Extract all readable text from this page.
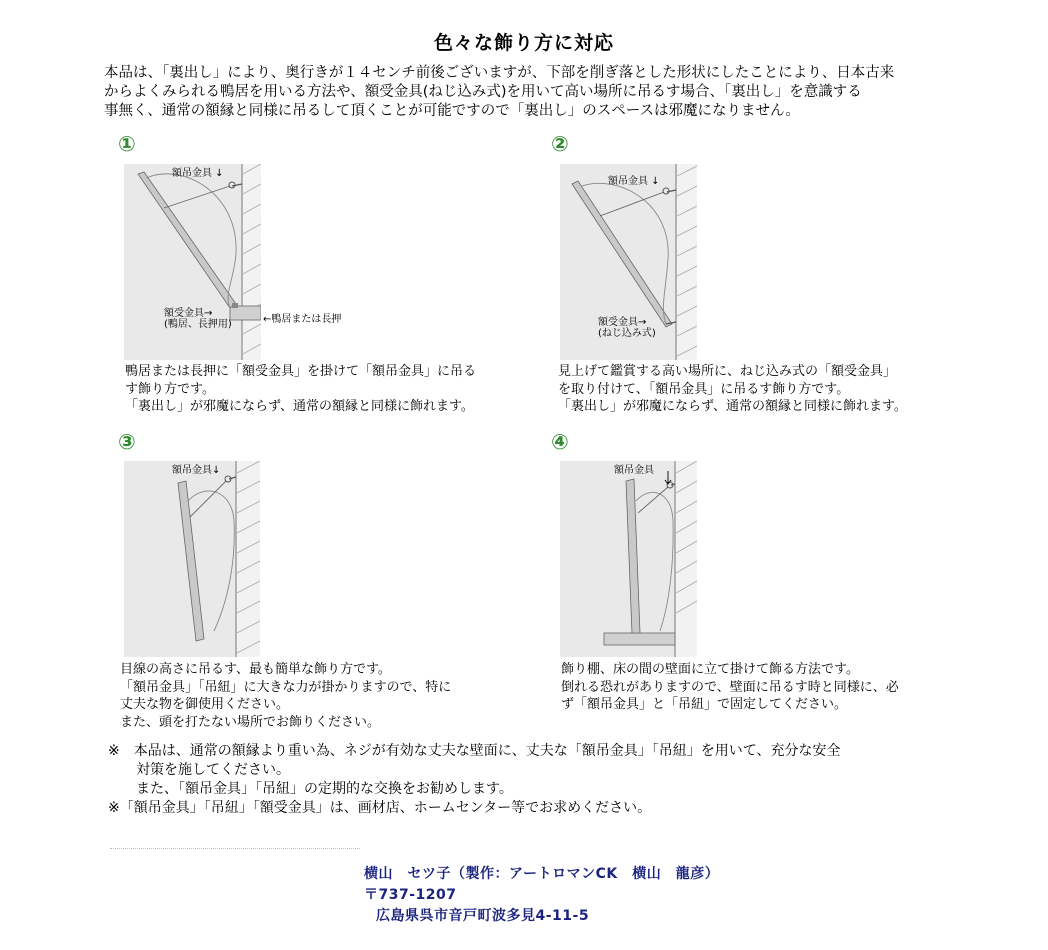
色々な飾り方に対応

本品は、「裏出し」により、奥行きが１４センチ前後ございますが、下部を削ぎ落とした形状にしたことにより、日本古来

からよくみられる鴨居を用いる方法や、額受金具(ねじ込み式)を用いて高い場所に吊るす場合、「裏出し」を意識する

事無く、通常の額縁と同様に吊るして頂くことが可能ですので「裏出し」のスペースは邪魔になりません。

①
額吊金具 ↓
額受金具→
(鴨居、長押用)	←鴨居または長押

鴨居または長押に「額受金具」を掛けて「額吊金具」に吊る

す飾り方です。

「裏出し」が邪魔にならず、通常の額縁と同様に飾れます。

②
額吊金具 ↓
額受金具→
(ねじ込み式)

見上げて鑑賞する高い場所に、ねじ込み式の「額受金具」

を取り付けて、「額吊金具」に吊るす飾り方です。

「裏出し」が邪魔にならず、通常の額縁と同様に飾れます。

③
額吊金具↓

目線の高さに吊るす、最も簡単な飾り方です。

「額吊金具」「吊紐」に大きな力が掛かりますので、特に

丈夫な物を御使用ください。

また、頭を打たない場所でお飾りください。

④
額吊金具

飾り棚、床の間の壁面に立て掛けて飾る方法です。

倒れる恐れがありますので、壁面に吊るす時と同様に、必

ず「額吊金具」と「吊紐」で固定してください。

※　本品は、通常の額縁より重い為、ネジが有効な丈夫な壁面に、丈夫な「額吊金具」「吊紐」を用いて、充分な安全

　　対策を施してください。

　　また、「額吊金具」「吊紐」の定期的な交換をお勧めします。

※「額吊金具」「吊紐」「額受金具」は、画材店、ホームセンター等でお求めください。

横山　セツ子（製作：アートロマンCK　横山　龍彦）

〒737-1207

広島県呉市音戸町波多見4-11-5
